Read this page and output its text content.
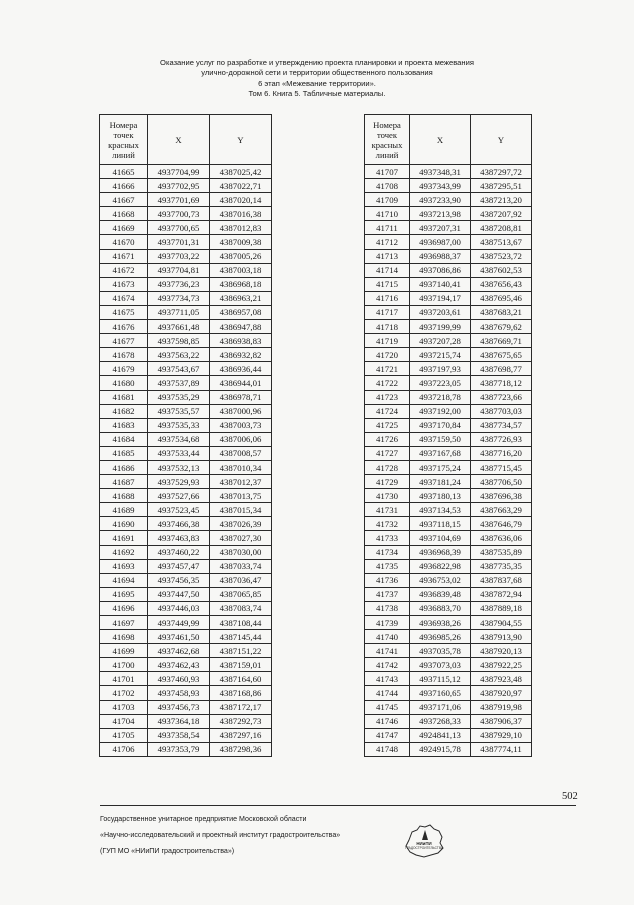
Оказание услуг по разработке и утверждению проекта планировки и проекта межевания
улично-дорожной сети и территории общественного пользования
6 этап «Межевание территории».
Том 6. Книга 5. Табличные материалы.
Номера точек красных линий	X	Y
41665	4937704,99	4387025,42
41666	4937702,95	4387022,71
41667	4937701,69	4387020,14
41668	4937700,73	4387016,38
41669	4937700,65	4387012,83
41670	4937701,31	4387009,38
41671	4937703,22	4387005,26
41672	4937704,81	4387003,18
41673	4937736,23	4386968,18
41674	4937734,73	4386963,21
41675	4937711,05	4386957,08
41676	4937661,48	4386947,88
41677	4937598,85	4386938,83
41678	4937563,22	4386932,82
41679	4937543,67	4386936,44
41680	4937537,89	4386944,01
41681	4937535,29	4386978,71
41682	4937535,57	4387000,96
41683	4937535,33	4387003,73
41684	4937534,68	4387006,06
41685	4937533,44	4387008,57
41686	4937532,13	4387010,34
41687	4937529,93	4387012,37
41688	4937527,66	4387013,75
41689	4937523,45	4387015,34
41690	4937466,38	4387026,39
41691	4937463,83	4387027,30
41692	4937460,22	4387030,00
41693	4937457,47	4387033,74
41694	4937456,35	4387036,47
41695	4937447,50	4387065,85
41696	4937446,03	4387083,74
41697	4937449,99	4387108,44
41698	4937461,50	4387145,44
41699	4937462,68	4387151,22
41700	4937462,43	4387159,01
41701	4937460,93	4387164,60
41702	4937458,93	4387168,86
41703	4937456,73	4387172,17
41704	4937364,18	4387292,73
41705	4937358,54	4387297,16
41706	4937353,79	4387298,36
Номера точек красных линий	X	Y
41707	4937348,31	4387297,72
41708	4937343,99	4387295,51
41709	4937233,90	4387213,20
41710	4937213,98	4387207,92
41711	4937207,31	4387208,81
41712	4936987,00	4387513,67
41713	4936988,37	4387523,72
41714	4937086,86	4387602,53
41715	4937140,41	4387656,43
41716	4937194,17	4387695,46
41717	4937203,61	4387683,21
41718	4937199,99	4387679,62
41719	4937207,28	4387669,71
41720	4937215,74	4387675,65
41721	4937197,93	4387698,77
41722	4937223,05	4387718,12
41723	4937218,78	4387723,66
41724	4937192,00	4387703,03
41725	4937170,84	4387734,57
41726	4937159,50	4387726,93
41727	4937167,68	4387716,20
41728	4937175,24	4387715,45
41729	4937181,24	4387706,50
41730	4937180,13	4387696,38
41731	4937134,53	4387663,29
41732	4937118,15	4387646,79
41733	4937104,69	4387636,06
41734	4936968,39	4387535,89
41735	4936822,98	4387735,35
41736	4936753,02	4387837,68
41737	4936839,48	4387872,94
41738	4936883,70	4387889,18
41739	4936938,26	4387904,55
41740	4936985,26	4387913,90
41741	4937035,78	4387920,13
41742	4937073,03	4387922,25
41743	4937115,12	4387923,48
41744	4937160,65	4387920,97
41745	4937171,06	4387919,98
41746	4937268,33	4387906,37
41747	4924841,13	4387929,10
41748	4924915,78	4387774,11
502
Государственное унитарное предприятие Московской области
«Научно-исследовательский и проектный институт градостроительства»
(ГУП МО «НИиПИ градостроительства»)
НИиПИ
ГРАДОСТРОИТЕЛЬСТВА
